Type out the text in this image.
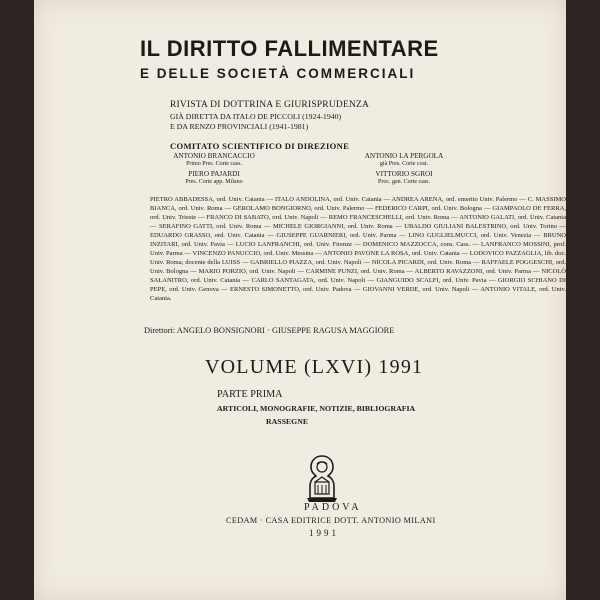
IL DIRITTO FALLIMENTARE
E DELLE SOCIETÀ COMMERCIALI
RIVISTA DI DOTTRINA E GIURISPRUDENZA
GIÀ DIRETTA DA ITALO DE PICCOLI (1924-1940)
E DA RENZO PROVINCIALI (1941-1981)
COMITATO SCIENTIFICO DI DIREZIONE
ANTONIO BRANCACCIO
Primo Pres. Corte cass.
ANTONIO LA PERGOLA
già Pres. Corte cost.
PIERO PAJARDI
Pres. Corte app. Milano
VITTORIO SGROI
Proc. gen. Corte cass.

PIETRO ABBADESSA, ord. Univ. Catania — ITALO ANDOLINA, ord. Univ. Catania — ANDREA ARENA, ord. emerito Univ. Palermo — C. MASSIMO BIANCA, ord. Univ. Roma — GEROLAMO BONGIORNO, ord. Univ. Palermo — FEDERICO CARPI, ord. Univ. Bologna — GIAMPAOLO DE FERRA, ord. Univ. Trieste — FRANCO DI SABATO, ord. Univ. Napoli — REMO FRANCESCHELLI, ord. Univ. Roma — ANTONIO GALATI, ord. Univ. Catania — SERAFINO GATTI, ord. Univ. Roma — MICHELE GIORGIANNI, ord. Univ. Roma — UBALDO GIULIANI BALESTRINO, ord. Univ. Torino — EDUARDO GRASSO, ord. Univ. Catania — GIUSEPPE GUARNIERI, ord. Univ. Parma — LINO GUGLIELMUCCI, ord. Univ. Venezia — BRUNO INZITARI, ord. Univ. Pavia — LUCIO LANFRANCHI, ord. Univ. Firenze — DOMENICO MAZZOCCA, cons. Cass. — LANFRANCO MOSSINI, prof. Univ. Parma — VINCENZO PANUCCIO, ord. Univ. Messina — ANTONIO PAVONE LA ROSA, ord. Univ. Catania — LODOVICO PAZZAGLIA, lib. doc. Univ. Roma; docente della LUISS — GABRIELLO PIAZZA, ord. Univ. Napoli — NICOLA PICARDI, ord. Univ. Roma — RAFFAELE POGGESCHI, ord. Univ. Bologna — MARIO PORZIO, ord. Univ. Napoli — CARMINE PUNZI, ord. Univ. Roma — ALBERTO RAVAZZONI, ord. Univ. Parma — NICOLÒ SALANITRO, ord. Univ. Catania — CARLO SANTAGATA, ord. Univ. Napoli — GIANGUIDO SCALFI, ord. Univ. Pavia — GIORGIO SCHIANO DI PEPE, ord. Univ. Genova — ERNESTO SIMONETTO, ord. Univ. Padova — GIOVANNI VERDE, ord. Univ. Napoli — ANTONIO VITALE, ord. Univ. Catania.

Direttori: ANGELO BONSIGNORI · GIUSEPPE RAGUSA MAGGIORE
VOLUME (LXVI) 1991
PARTE PRIMA
ARTICOLI, MONOGRAFIE, NOTIZIE, BIBLIOGRAFIA
RASSEGNE
PADOVA
CEDAM · CASA EDITRICE DOTT. ANTONIO MILANI
1991
